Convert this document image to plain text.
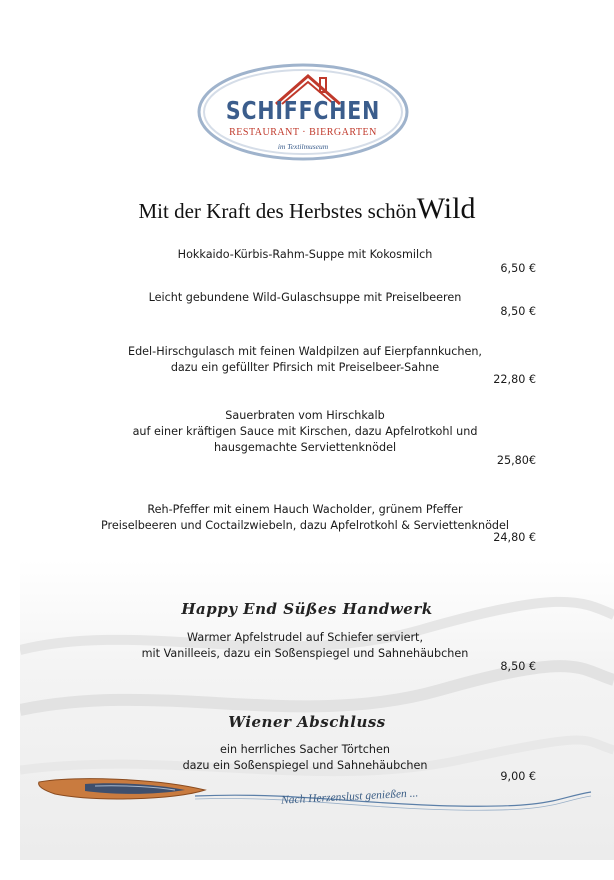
SCHIFFCHEN
RESTAURANT · BIERGARTEN
im Textilmuseum
Mit der Kraft des Herbstes schönWild
Hokkaido-Kürbis-Rahm-Suppe mit Kokosmilch
6,50 €
Leicht gebundene Wild-Gulaschsuppe mit Preiselbeeren
8,50 €
Edel-Hirschgulasch mit feinen Waldpilzen auf Eierpfannkuchen,
dazu ein gefüllter Pfirsich mit Preiselbeer-Sahne
22,80 €
Sauerbraten vom Hirschkalb
auf einer kräftigen Sauce mit Kirschen, dazu Apfelrotkohl und
hausgemachte Serviettenknödel
25,80€
Reh-Pfeffer mit einem Hauch Wacholder, grünem Pfeffer
Preiselbeeren und Coctailzwiebeln, dazu Apfelrotkohl & Serviettenknödel
24,80 €
Happy End Süßes Handwerk
Warmer Apfelstrudel auf Schiefer serviert,
mit Vanilleeis, dazu ein Soßenspiegel und Sahnehäubchen
8,50 €
Wiener Abschluss
ein herrliches Sacher Törtchen
dazu ein Soßenspiegel und Sahnehäubchen
9,00 €
Nach Herzenslust genießen ...
